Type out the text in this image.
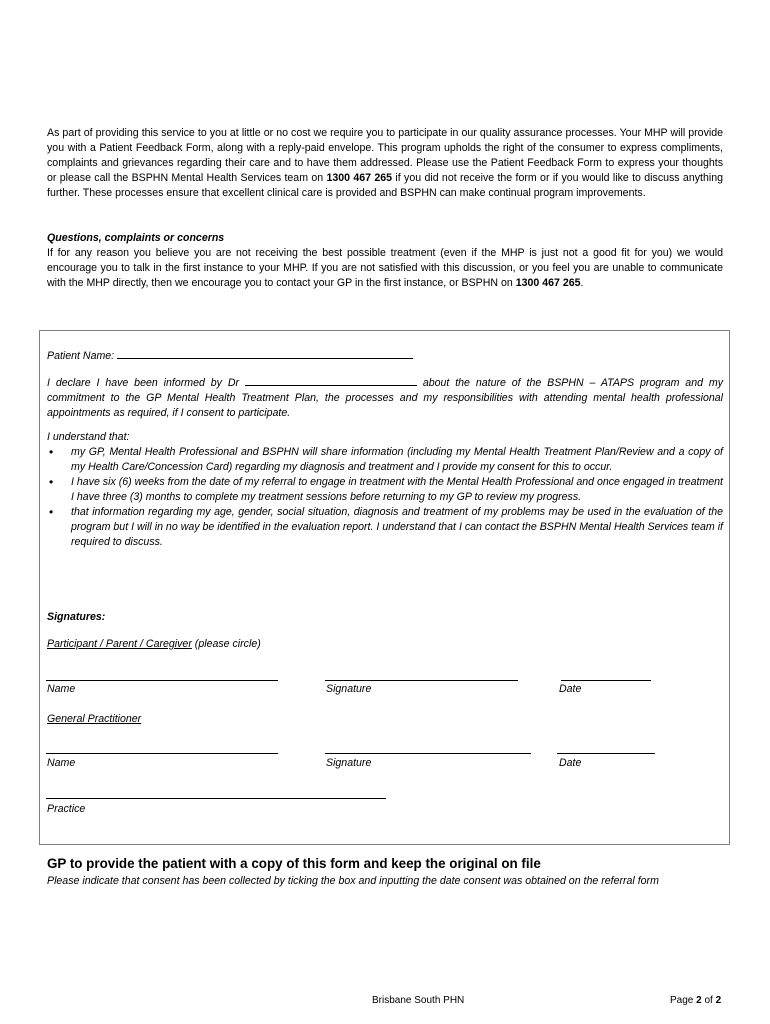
As part of providing this service to you at little or no cost we require you to participate in our quality assurance processes. Your MHP will provide you with a Patient Feedback Form, along with a reply-paid envelope. This program upholds the right of the consumer to express compliments, complaints and grievances regarding their care and to have them addressed. Please use the Patient Feedback Form to express your thoughts or please call the BSPHN Mental Health Services team on 1300 467 265 if you did not receive the form or if you would like to discuss anything further. These processes ensure that excellent clinical care is provided and BSPHN can make continual program improvements.

Questions, complaints or concerns

If for any reason you believe you are not receiving the best possible treatment (even if the MHP is just not a good fit for you) we would encourage you to talk in the first instance to your MHP. If you are not satisfied with this discussion, or you feel you are unable to communicate with the MHP directly, then we encourage you to contact your GP in the first instance, or BSPHN on 1300 467 265.

Patient Name:

I declare I have been informed by Dr	about the nature of the BSPHN – ATAPS program and my commitment to the GP Mental Health Treatment Plan, the processes and my responsibilities with attending mental health professional appointments as required, if I consent to participate.

I understand that:

• my GP, Mental Health Professional and BSPHN will share information (including my Mental Health Treatment Plan/Review and a copy of my Health Care/Concession Card) regarding my diagnosis and treatment and I provide my consent for this to occur.
• I have six (6) weeks from the date of my referral to engage in treatment with the Mental Health Professional and once engaged in treatment I have three (3) months to complete my treatment sessions before returning to my GP to review my progress.
• that information regarding my age, gender, social situation, diagnosis and treatment of my problems may be used in the evaluation of the program but I will in no way be identified in the evaluation report. I understand that I can contact the BSPHN Mental Health Services team if required to discuss.

Signatures:

Participant / Parent / Caregiver (please circle)

Name	Signature	Date

General Practitioner

Name	Signature	Date

Practice

GP to provide the patient with a copy of this form and keep the original on file

Please indicate that consent has been collected by ticking the box and inputting the date consent was obtained on the referral form

Brisbane South PHN	Page 2 of 2
